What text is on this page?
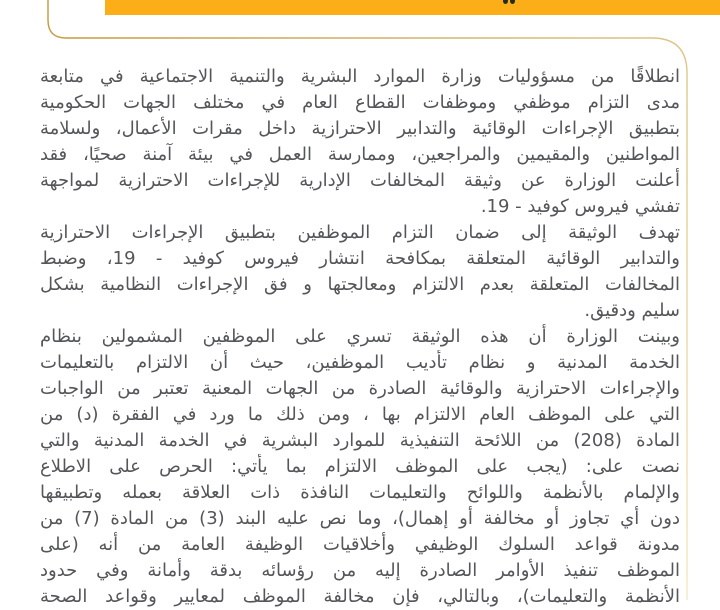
انطلاقًا من مسؤوليات وزارة الموارد البشرية والتنمية الاجتماعية في متابعة
مدى التزام موظفي وموظفات القطاع العام في مختلف الجهات الحكومية
بتطبيق الإجراءات الوقائية والتدابير الاحترازية داخل مقرات الأعمال، ولسلامة
المواطنين والمقيمين والمراجعين، وممارسة العمل في بيئة آمنة صحيًا، فقد
أعلنت الوزارة عن وثيقة المخالفات الإدارية للإجراءات الاحترازية لمواجهة
تفشي فيروس كوفيد - 19.
تهدف الوثيقة إلى ضمان التزام الموظفين بتطبيق الإجراءات الاحترازية
والتدابير الوقائية المتعلقة بمكافحة انتشار فيروس كوفيد - 19، وضبط
المخالفات المتعلقة بعدم الالتزام ومعالجتها و فق الإجراءات النظامية بشكل
سليم ودقيق.
وبينت الوزارة أن هذه الوثيقة تسري على الموظفين المشمولين بنظام
الخدمة المدنية و نظام تأديب الموظفين، حيث أن الالتزام بالتعليمات
والإجراءات الاحترازية والوقائية الصادرة من الجهات المعنية تعتبر من الواجبات
التي على الموظف العام الالتزام بها ، ومن ذلك ما ورد في الفقرة (د) من
المادة (208) من اللائحة التنفيذية للموارد البشرية في الخدمة المدنية والتي
نصت على: (يجب على الموظف الالتزام بما يأتي: الحرص على الاطلاع
والإلمام بالأنظمة واللوائح والتعليمات النافذة ذات العلاقة بعمله وتطبيقها
دون أي تجاوز أو مخالفة أو إهمال)، وما نص عليه البند (3) من المادة (7) من
مدونة قواعد السلوك الوظيفي وأخلاقيات الوظيفة العامة من أنه (على
الموظف تنفيذ الأوامر الصادرة إليه من رؤسائه بدقة وأمانة وفي حدود
الأنظمة والتعليمات)، وبالتالي، فإن مخالفة الموظف لمعايير وقواعد الصحة
